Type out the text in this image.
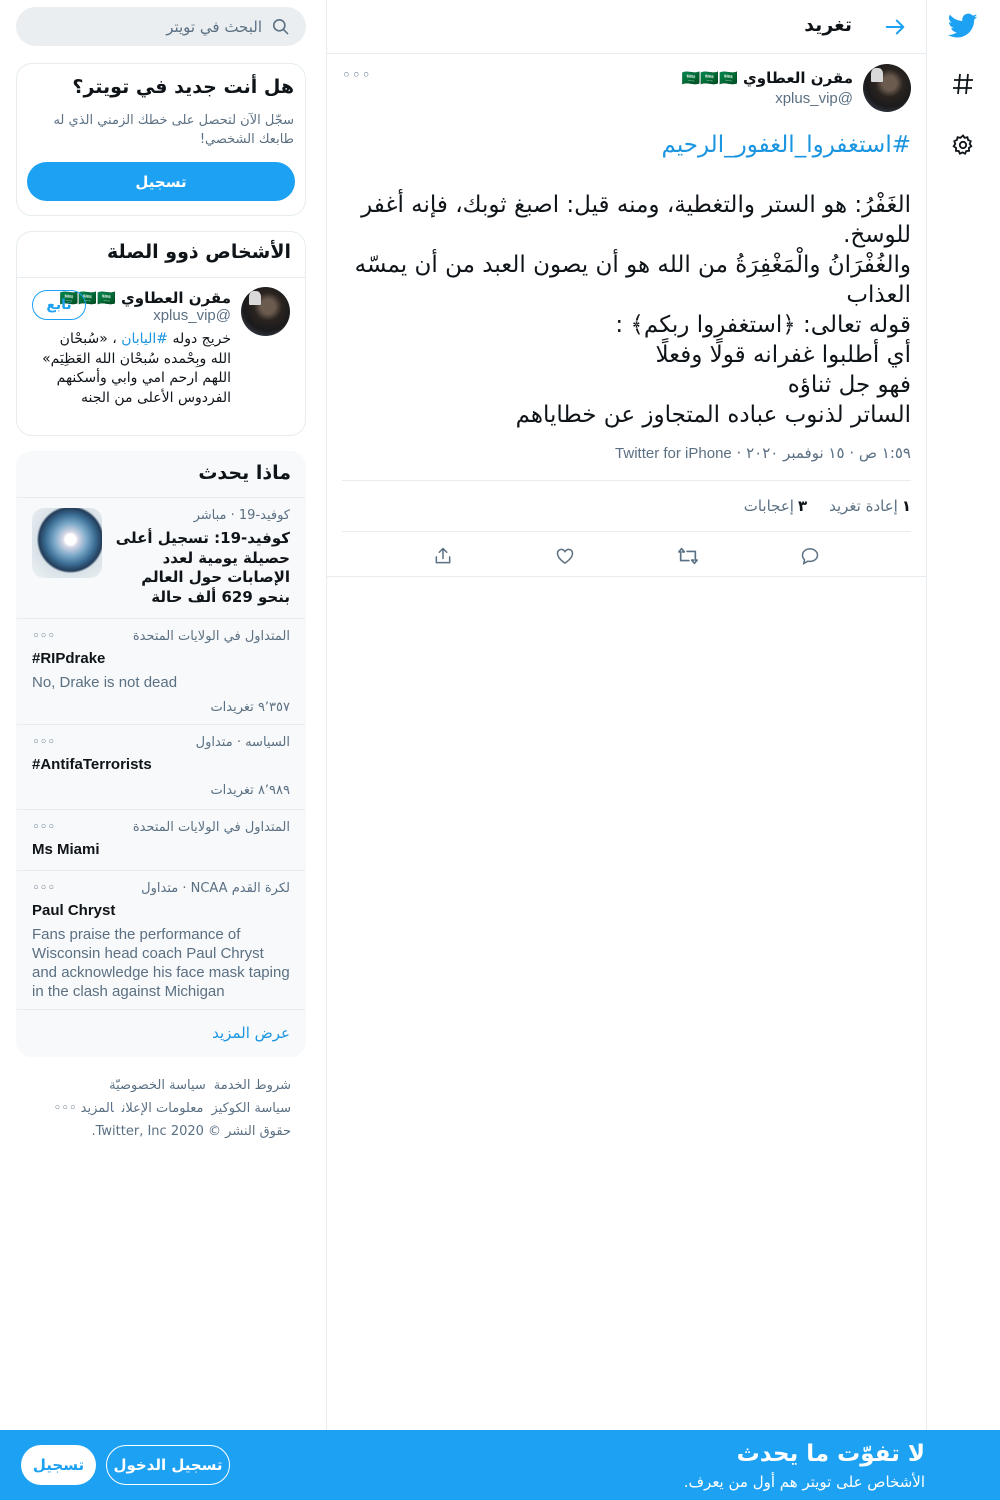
تغريد
مقرن العطاوي 🇸🇦🇸🇦🇸🇦
@xplus_vip
◦◦◦
#استغفروا_الغفور_الرحيم
الغَفْرُ: هو الستر والتغطية، ومنه قيل: اصبغ ثوبك، فإنه أغفر للوسخ.
والغُفْرَانُ والْمَغْفِرَةُ من الله هو أن يصون العبد من أن يمسّه العذاب
قوله تعالى: ﴿استغفروا ربكم﴾ :
أي أطلبوا غفرانه قولًا وفعلًا
فهو جل ثناؤه
الساتر لذنوب عباده المتجاوز عن خطاياهم
١:٥٩ ص · ١٥ نوفمبر ٢٠٢٠ · Twitter for iPhone
١إعادة تغريد
٣إعجابات
البحث في تويتر
هل أنت جديد في تويتر؟
سجّل الآن لتحصل على خطك الزمني الذي له طابعك الشخصي!
تسجيل
الأشخاص ذوو الصلة
مقرن العطاوي 🇸🇦🇸🇦🇸🇦
@xplus_vip
تابع
خريج دوله #اليابان ، «سُبحْان الله وبِحْمده سُبحْان الله العَظِيَم» اللهم ارحم امي وابي وأسكنهم الفردوس الأعلى من الجنه
ماذا يحدث
كوفيد-19 · مباشر
كوفيد-19: تسجيل أعلى حصيلة يومية لعدد الإصابات حول العالم بنحو 629 ألف حالة
المتداول في الولايات المتحدة
#RIPdrake
No, Drake is not dead
٩٬٣٥٧ تغريدات
◦◦◦
السياسه · متداول
#AntifaTerrorists
٨٬٩٨٩ تغريدات
◦◦◦
المتداول في الولايات المتحدة
Ms Miami
◦◦◦
لكرة القدم NCAA · متداول
Paul Chryst
Fans praise the performance of Wisconsin head coach Paul Chryst and acknowledge his face mask taping in the clash against Michigan
◦◦◦
عرض المزيد
شروط الخدمةسياسة الخصوصيّة
سياسة الكوكيزمعلومات الإعلانالمزيد ◦◦◦
حقوق النشر © 2020 Twitter, Inc.
لا تفوّت ما يحدث
الأشخاص على تويتر هم أول من يعرف.
تسجيل الدخول
تسجيل
